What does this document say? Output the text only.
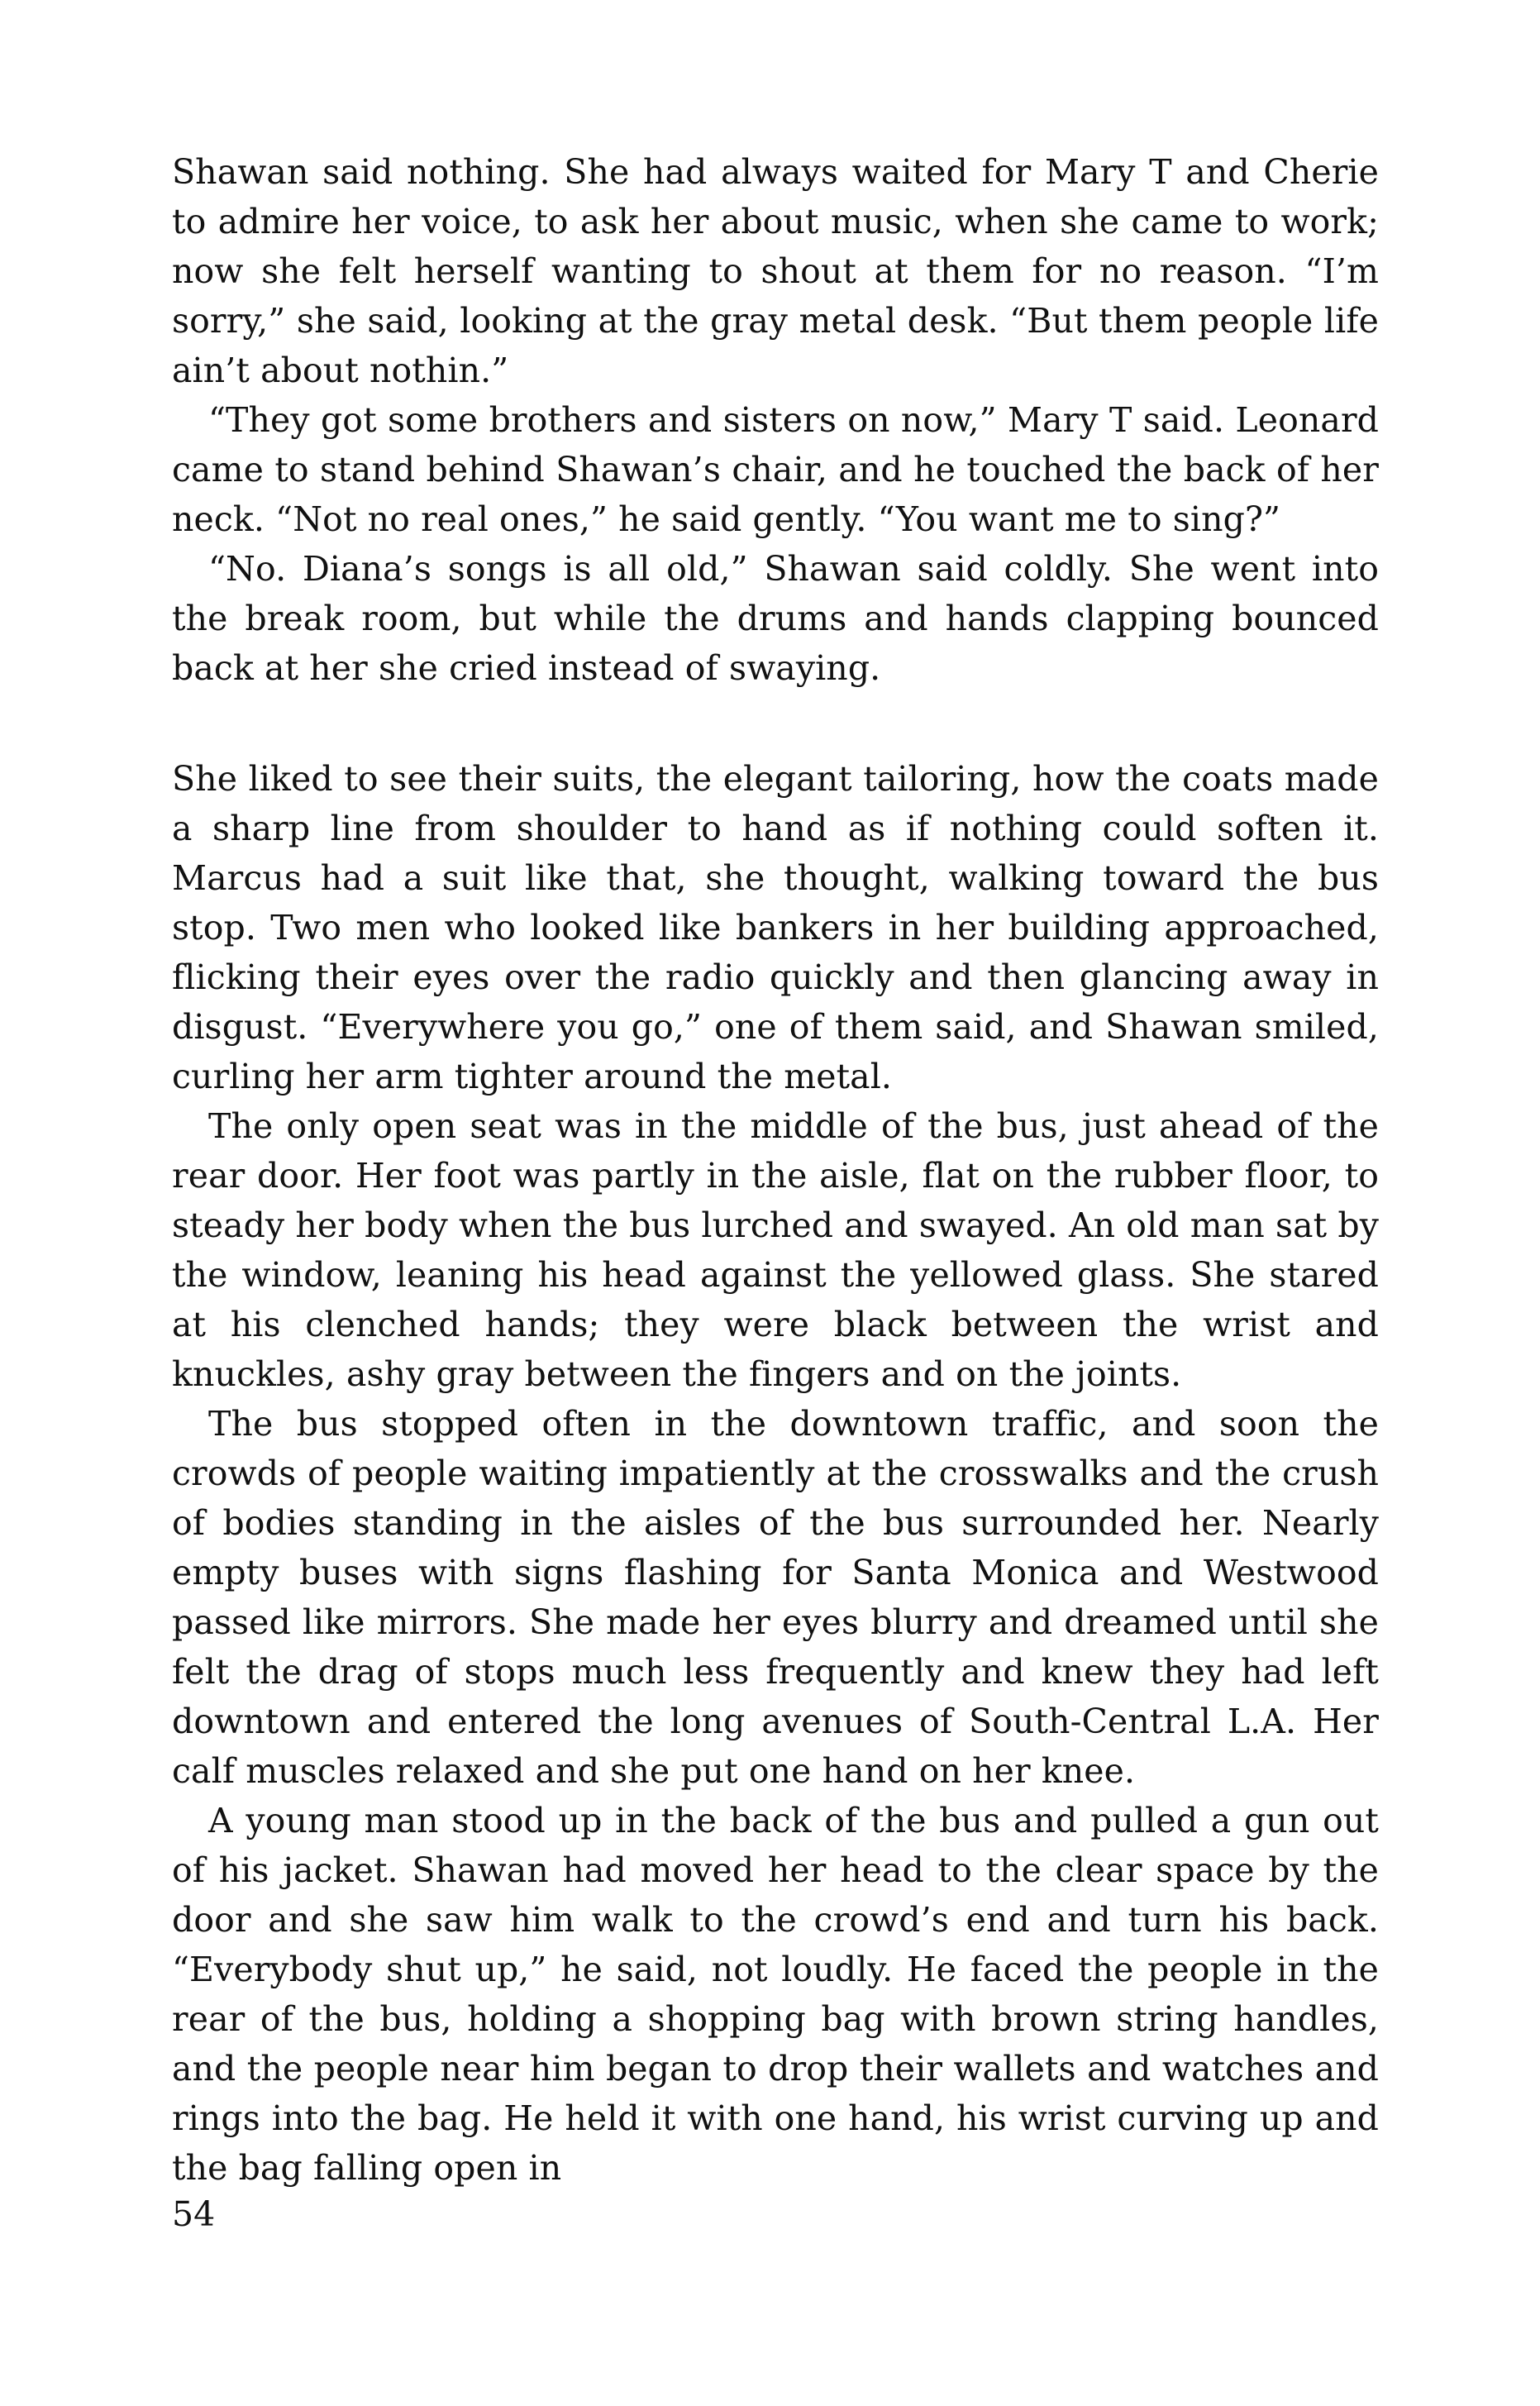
Shawan said nothing. She had always waited for Mary T and Cherie to admire her voice, to ask her about music, when she came to work; now she felt herself wanting to shout at them for no reason. “I’m sorry,” she said, looking at the gray metal desk. “But them people life ain’t about nothin.”

“They got some brothers and sisters on now,” Mary T said. Leonard came to stand behind Shawan’s chair, and he touched the back of her neck. “Not no real ones,” he said gently. “You want me to sing?”

“No. Diana’s songs is all old,” Shawan said coldly. She went into the break room, but while the drums and hands clapping bounced back at her she cried instead of swaying.

She liked to see their suits, the elegant tailoring, how the coats made a sharp line from shoulder to hand as if nothing could soften it. Marcus had a suit like that, she thought, walking toward the bus stop. Two men who looked like bankers in her building approached, flicking their eyes over the radio quickly and then glancing away in disgust. “Everywhere you go,” one of them said, and Shawan smiled, curling her arm tighter around the metal.

The only open seat was in the middle of the bus, just ahead of the rear door. Her foot was partly in the aisle, flat on the rubber floor, to steady her body when the bus lurched and swayed. An old man sat by the window, leaning his head against the yellowed glass. She stared at his clenched hands; they were black between the wrist and knuckles, ashy gray between the fingers and on the joints.

The bus stopped often in the downtown traffic, and soon the crowds of people waiting impatiently at the crosswalks and the crush of bodies standing in the aisles of the bus surrounded her. Nearly empty buses with signs flashing for Santa Monica and Westwood passed like mirrors. She made her eyes blurry and dreamed until she felt the drag of stops much less frequently and knew they had left downtown and entered the long avenues of South-Central L.A. Her calf muscles relaxed and she put one hand on her knee.

A young man stood up in the back of the bus and pulled a gun out of his jacket. Shawan had moved her head to the clear space by the door and she saw him walk to the crowd’s end and turn his back. “Everybody shut up,” he said, not loudly. He faced the people in the rear of the bus, holding a shopping bag with brown string handles, and the people near him began to drop their wallets and watches and rings into the bag. He held it with one hand, his wrist curving up and the bag falling open in

54
